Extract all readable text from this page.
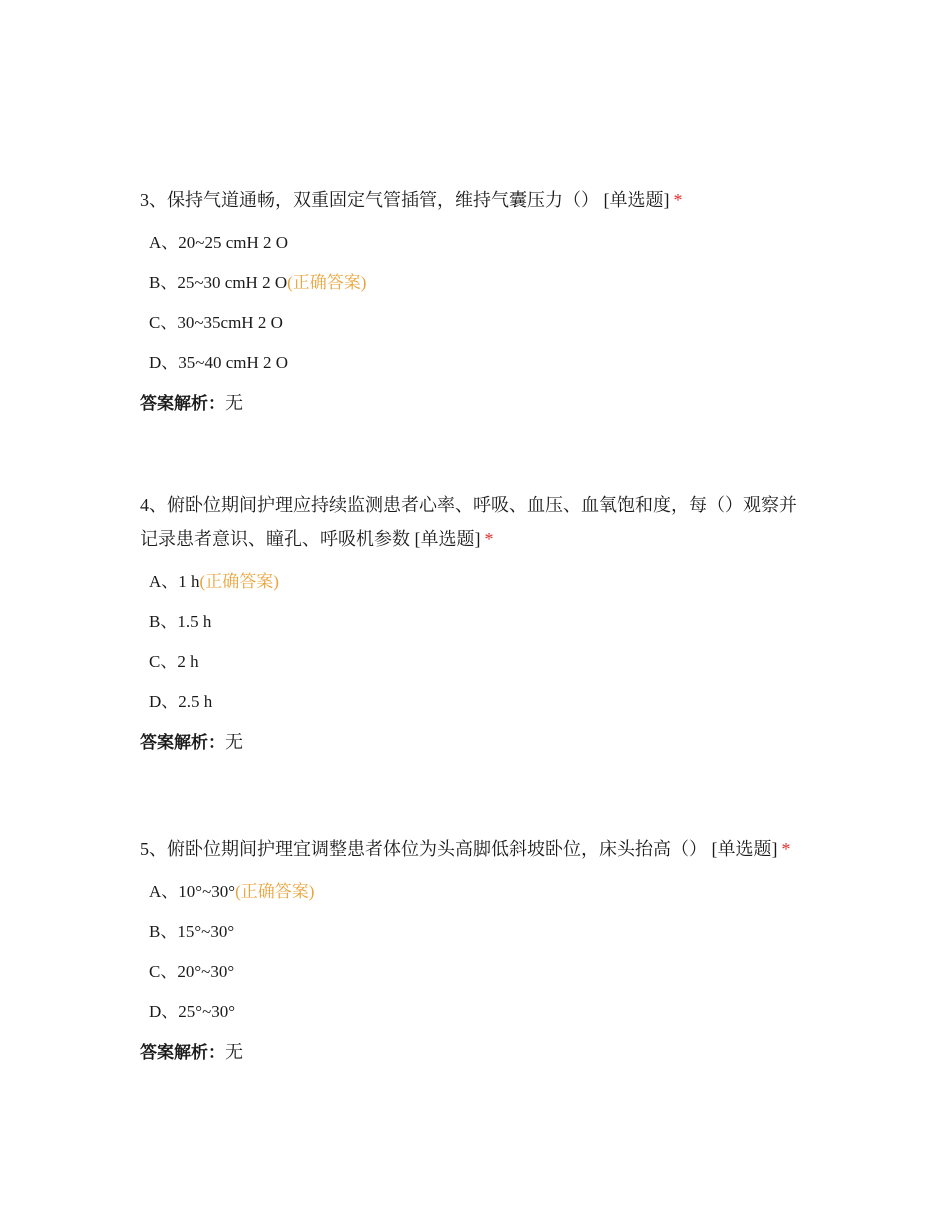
3、保持气道通畅，双重固定气管插管，维持气囊压力（） [单选题] *

A、20~25 cmH 2 O
B、25~30 cmH 2 O(正确答案)
C、30~35cmH 2 O
D、35~40 cmH 2 O
答案解析：无

4、俯卧位期间护理应持续监测患者心率、呼吸、血压、血氧饱和度，每（）观察并记录患者意识、瞳孔、呼吸机参数 [单选题] *

A、1 h(正确答案)
B、1.5 h
C、2 h
D、2.5 h
答案解析：无

5、俯卧位期间护理宜调整患者体位为头高脚低斜坡卧位，床头抬高（） [单选题] *

A、10°~30°(正确答案)
B、15°~30°
C、20°~30°
D、25°~30°
答案解析：无
